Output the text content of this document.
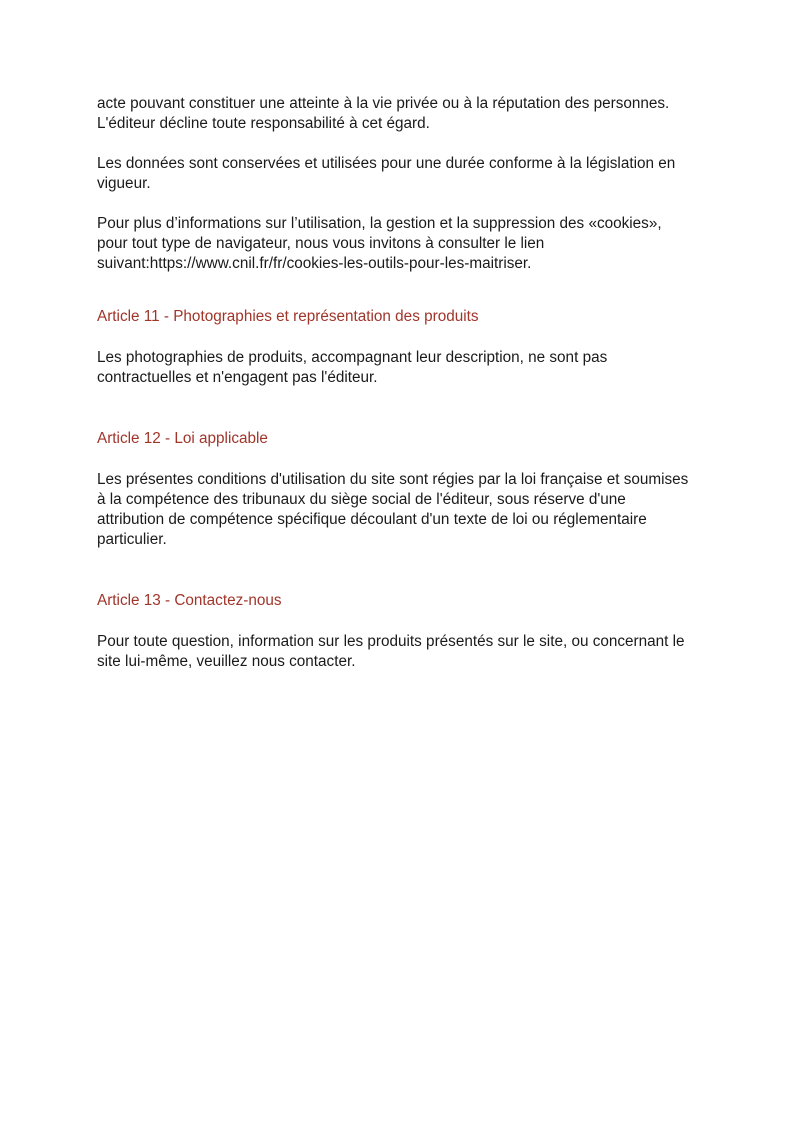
acte pouvant constituer une atteinte à la vie privée ou à la réputation des personnes.
L'éditeur décline toute responsabilité à cet égard.

Les données sont conservées et utilisées pour une durée conforme à la législation en
vigueur.

Pour plus d’informations sur l’utilisation, la gestion et la suppression des «cookies»,
pour tout type de navigateur, nous vous invitons à consulter le lien
suivant:https://www.cnil.fr/fr/cookies-les-outils-pour-les-maitriser.

Article 11 - Photographies et représentation des produits

Les photographies de produits, accompagnant leur description, ne sont pas
contractuelles et n'engagent pas l'éditeur.

Article 12 - Loi applicable

Les présentes conditions d'utilisation du site sont régies par la loi française et soumises
à la compétence des tribunaux du siège social de l'éditeur, sous réserve d'une
attribution de compétence spécifique découlant d'un texte de loi ou réglementaire
particulier.

Article 13 - Contactez-nous

Pour toute question, information sur les produits présentés sur le site, ou concernant le
site lui-même, veuillez nous contacter.
